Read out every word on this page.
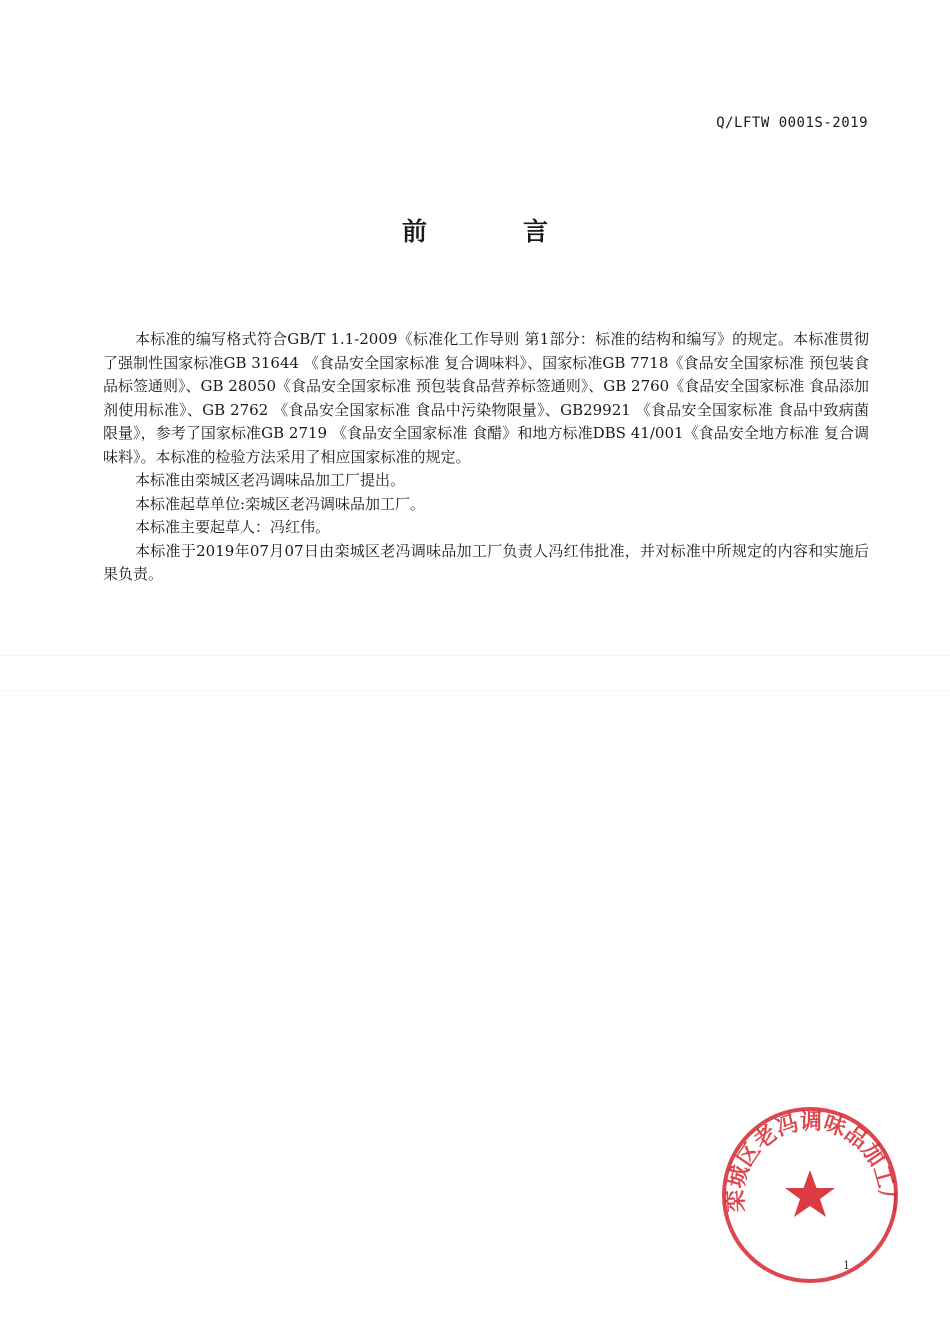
Q/LFTW 0001S-2019
前	言

本标准的编写格式符合GB/T 1.1-2009《标准化工作导则 第1部分：标准的结构和编写》的规定。本标准贯彻了强制性国家标准GB 31644 《食品安全国家标准 复合调味料》、国家标准GB 7718《食品安全国家标准 预包装食品标签通则》、GB 28050《食品安全国家标准 预包装食品营养标签通则》、GB 2760《食品安全国家标准 食品添加剂使用标准》、GB 2762 《食品安全国家标准 食品中污染物限量》、GB29921 《食品安全国家标准 食品中致病菌限量》，参考了国家标准GB 2719 《食品安全国家标准 食醋》和地方标准DBS 41/001《食品安全地方标准 复合调味料》。本标准的检验方法采用了相应国家标准的规定。

本标准由栾城区老冯调味品加工厂提出。

本标准起草单位:栾城区老冯调味品加工厂。

本标准主要起草人：冯红伟。

本标准于2019年07月07日由栾城区老冯调味品加工厂负责人冯红伟批准，并对标准中所规定的内容和实施后果负责。

栾城区老冯调味品加工厂
1
